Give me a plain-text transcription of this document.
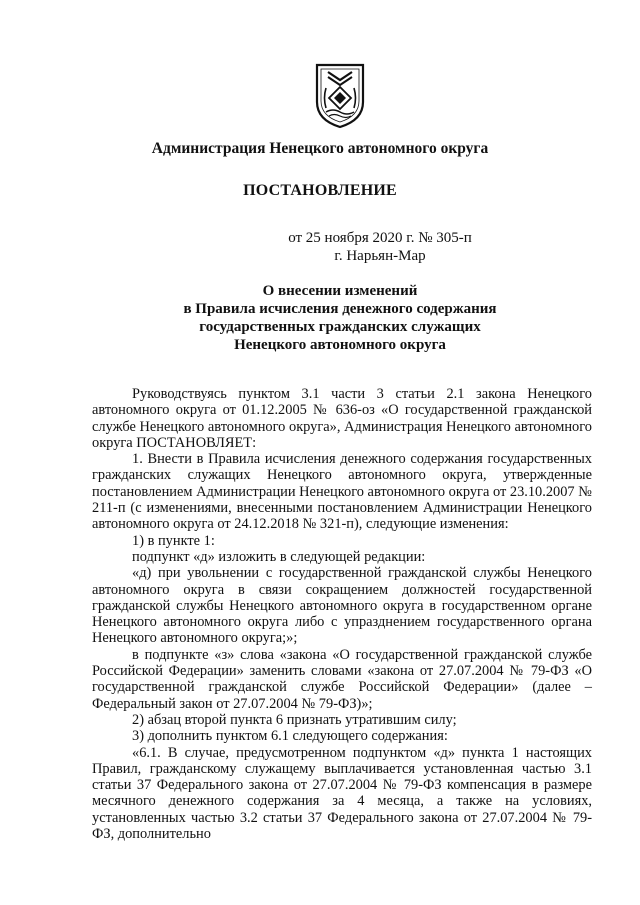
Администрация Ненецкого автономного округа
ПОСТАНОВЛЕНИЕ
от 25 ноября 2020 г. № 305-п
г. Нарьян-Мар
О внесении изменений
в Правила исчисления денежного содержания
государственных гражданских служащих
Ненецкого автономного округа

Руководствуясь пунктом 3.1 части 3 статьи 2.1 закона Ненецкого автономного округа от 01.12.2005 № 636-оз «О государственной гражданской службе Ненецкого автономного округа», Администрация Ненецкого автономного округа ПОСТАНОВЛЯЕТ:

1. Внести в Правила исчисления денежного содержания государственных гражданских служащих Ненецкого автономного округа, утвержденные постановлением Администрации Ненецкого автономного округа от 23.10.2007 № 211-п (с изменениями, внесенными постановлением Администрации Ненецкого автономного округа от 24.12.2018 № 321-п), следующие изменения:

1) в пункте 1:

подпункт «д» изложить в следующей редакции:

«д) при увольнении с государственной гражданской службы Ненецкого автономного округа в связи сокращением должностей государственной гражданской службы Ненецкого автономного округа в государственном органе Ненецкого автономного округа либо с упразднением государственного органа Ненецкого автономного округа;»;

в подпункте «з» слова «закона «О государственной гражданской службе Российской Федерации» заменить словами «закона от 27.07.2004 № 79-ФЗ «О государственной гражданской службе Российской Федерации» (далее – Федеральный закон от 27.07.2004 № 79-ФЗ)»;

2) абзац второй пункта 6 признать утратившим силу;

3) дополнить пунктом 6.1 следующего содержания:

«6.1. В случае, предусмотренном подпунктом «д» пункта 1 настоящих Правил, гражданскому служащему выплачивается установленная частью 3.1 статьи 37 Федерального закона от 27.07.2004 № 79-ФЗ компенсация в размере месячного денежного содержания за 4 месяца, а также на условиях, установленных частью 3.2 статьи 37 Федерального закона от 27.07.2004 № 79-ФЗ, дополнительно
